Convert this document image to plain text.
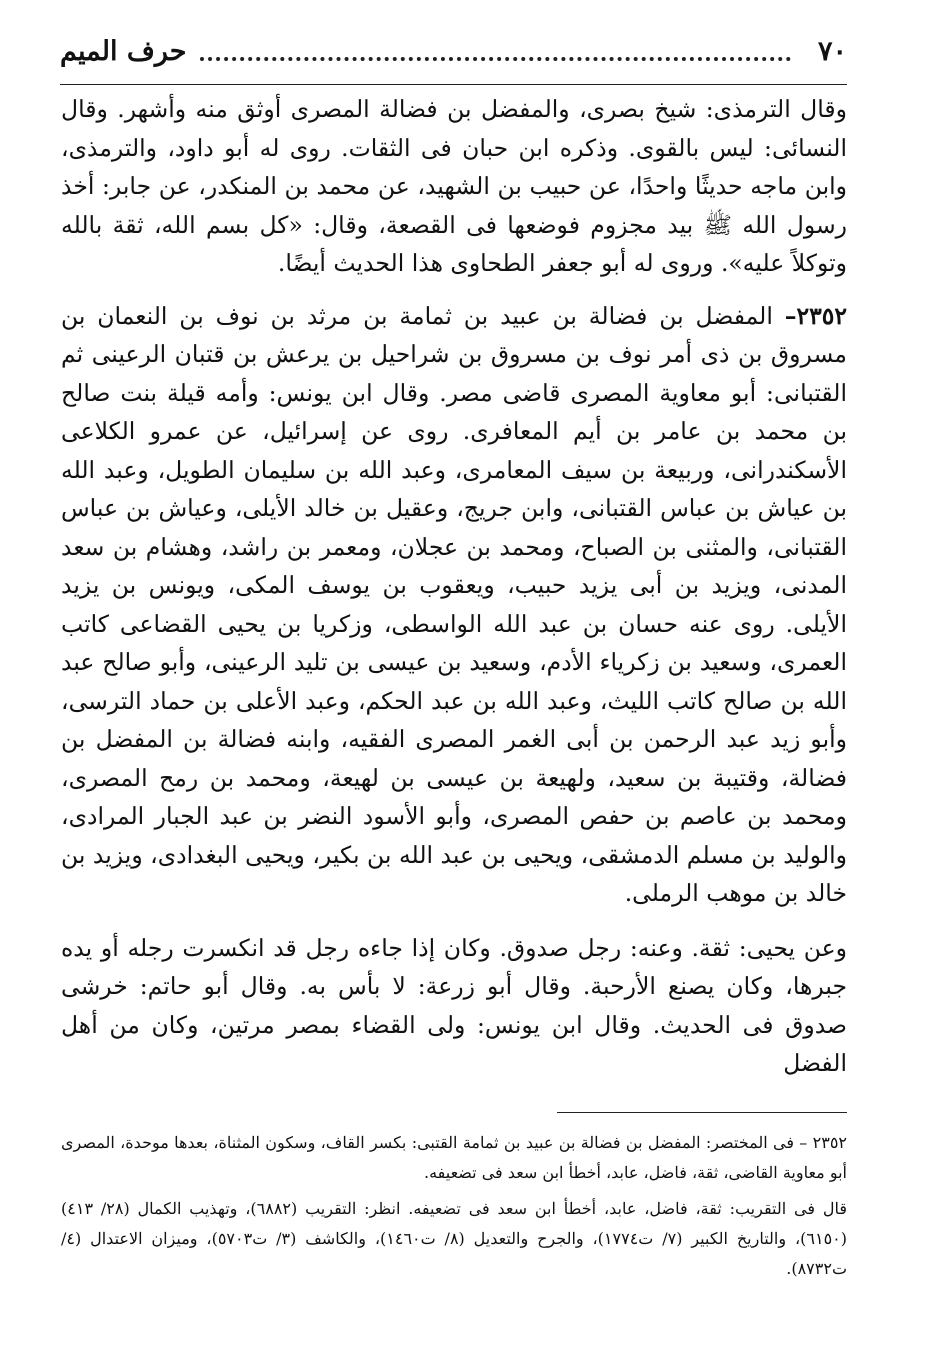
٧٠
حرف الميم

وقال الترمذى: شيخ بصرى، والمفضل بن فضالة المصرى أوثق منه وأشهر. وقال النسائى: ليس بالقوى. وذكره ابن حبان فى الثقات. روى له أبو داود، والترمذى، وابن ماجه حديثًا واحدًا، عن حبيب بن الشهيد، عن محمد بن المنكدر، عن جابر: أخذ رسول الله ﷺ بيد مجزوم فوضعها فى القصعة، وقال: «كل بسم الله، ثقة بالله وتوكلاً عليه». وروى له أبو جعفر الطحاوى هذا الحديث أيضًا.

٢٣٥٢– المفضل بن فضالة بن عبيد بن ثمامة بن مرثد بن نوف بن النعمان بن مسروق بن ذى أمر نوف بن مسروق بن شراحيل بن يرعش بن قتبان الرعينى ثم القتبانى: أبو معاوية المصرى قاضى مصر. وقال ابن يونس: وأمه قيلة بنت صالح بن محمد بن عامر بن أيم المعافرى. روى عن إسرائيل، عن عمرو الكلاعى الأسكندرانى، وربيعة بن سيف المعامرى، وعبد الله بن سليمان الطويل، وعبد الله بن عياش بن عباس القتبانى، وابن جريج، وعقيل بن خالد الأيلى، وعياش بن عباس القتبانى، والمثنى بن الصباح، ومحمد بن عجلان، ومعمر بن راشد، وهشام بن سعد المدنى، ويزيد بن أبى يزيد حبيب، ويعقوب بن يوسف المكى، ويونس بن يزيد الأيلى. روى عنه حسان بن عبد الله الواسطى، وزكريا بن يحيى القضاعى كاتب العمرى، وسعيد بن زكرياء الأدم، وسعيد بن عيسى بن تليد الرعينى، وأبو صالح عبد الله بن صالح كاتب الليث، وعبد الله بن عبد الحكم، وعبد الأعلى بن حماد الترسى، وأبو زيد عبد الرحمن بن أبى الغمر المصرى الفقيه، وابنه فضالة بن المفضل بن فضالة، وقتيبة بن سعيد، ولهيعة بن عيسى بن لهيعة، ومحمد بن رمح المصرى، ومحمد بن عاصم بن حفص المصرى، وأبو الأسود النضر بن عبد الجبار المرادى، والوليد بن مسلم الدمشقى، ويحيى بن عبد الله بن بكير، ويحيى البغدادى، ويزيد بن خالد بن موهب الرملى.

وعن يحيى: ثقة. وعنه: رجل صدوق. وكان إذا جاءه رجل قد انكسرت رجله أو يده جبرها، وكان يصنع الأرحبة. وقال أبو زرعة: لا بأس به. وقال أبو حاتم: خرشى صدوق فى الحديث. وقال ابن يونس: ولى القضاء بمصر مرتين، وكان من أهل الفضل

٢٣٥٢ – فى المختصر: المفضل بن فضالة بن عبيد بن ثمامة القتبى: بكسر القاف، وسكون المثناة، بعدها موحدة، المصرى أبو معاوية القاضى، ثقة، فاضل، عابد، أخطأ ابن سعد فى تضعيفه.

قال فى التقريب: ثقة، فاضل، عابد، أخطأ ابن سعد فى تضعيفه. انظر: التقريب (٦٨٨٢)، وتهذيب الكمال (٢٨/ ٤١٣) (٦١٥٠)، والتاريخ الكبير (٧/ ت١٧٧٤)، والجرح والتعديل (٨/ ت١٤٦٠)، والكاشف (٣/ ت٥٧٠٣)، وميزان الاعتدال (٤/ ت٨٧٣٢).
